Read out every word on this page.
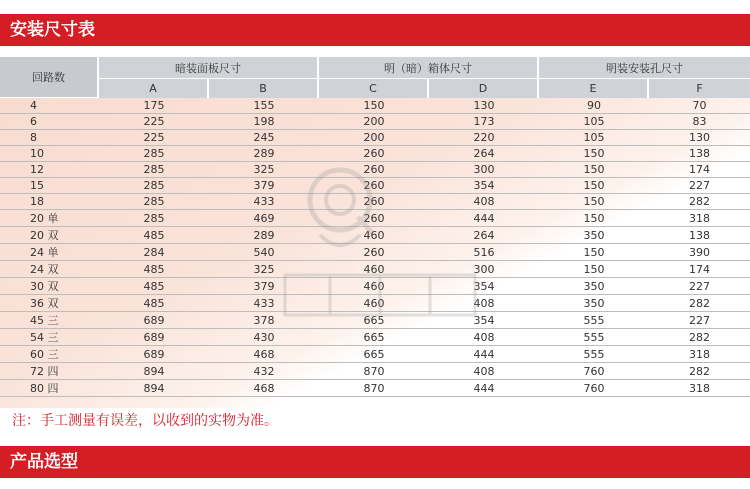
安装尺寸表
回路数	暗装面板尺寸		明（暗）箱体尺寸		明装安装孔尺寸	
	A	B	C	D	E	F
4	175	155	150	130	90	70
6	225	198	200	173	105	83
8	225	245	200	220	105	130
10	285	289	260	264	150	138
12	285	325	260	300	150	174
15	285	379	260	354	150	227
18	285	433	260	408	150	282
20 单	285	469	260	444	150	318
20 双	485	289	460	264	350	138
24 单	284	540	260	516	150	390
24 双	485	325	460	300	150	174
30 双	485	379	460	354	350	227
36 双	485	433	460	408	350	282
45 三	689	378	665	354	555	227
54 三	689	430	665	408	555	282
60 三	689	468	665	444	555	318
72 四	894	432	870	408	760	282
80 四	894	468	870	444	760	318
注：手工测量有误差，以收到的实物为准。
产品选型
